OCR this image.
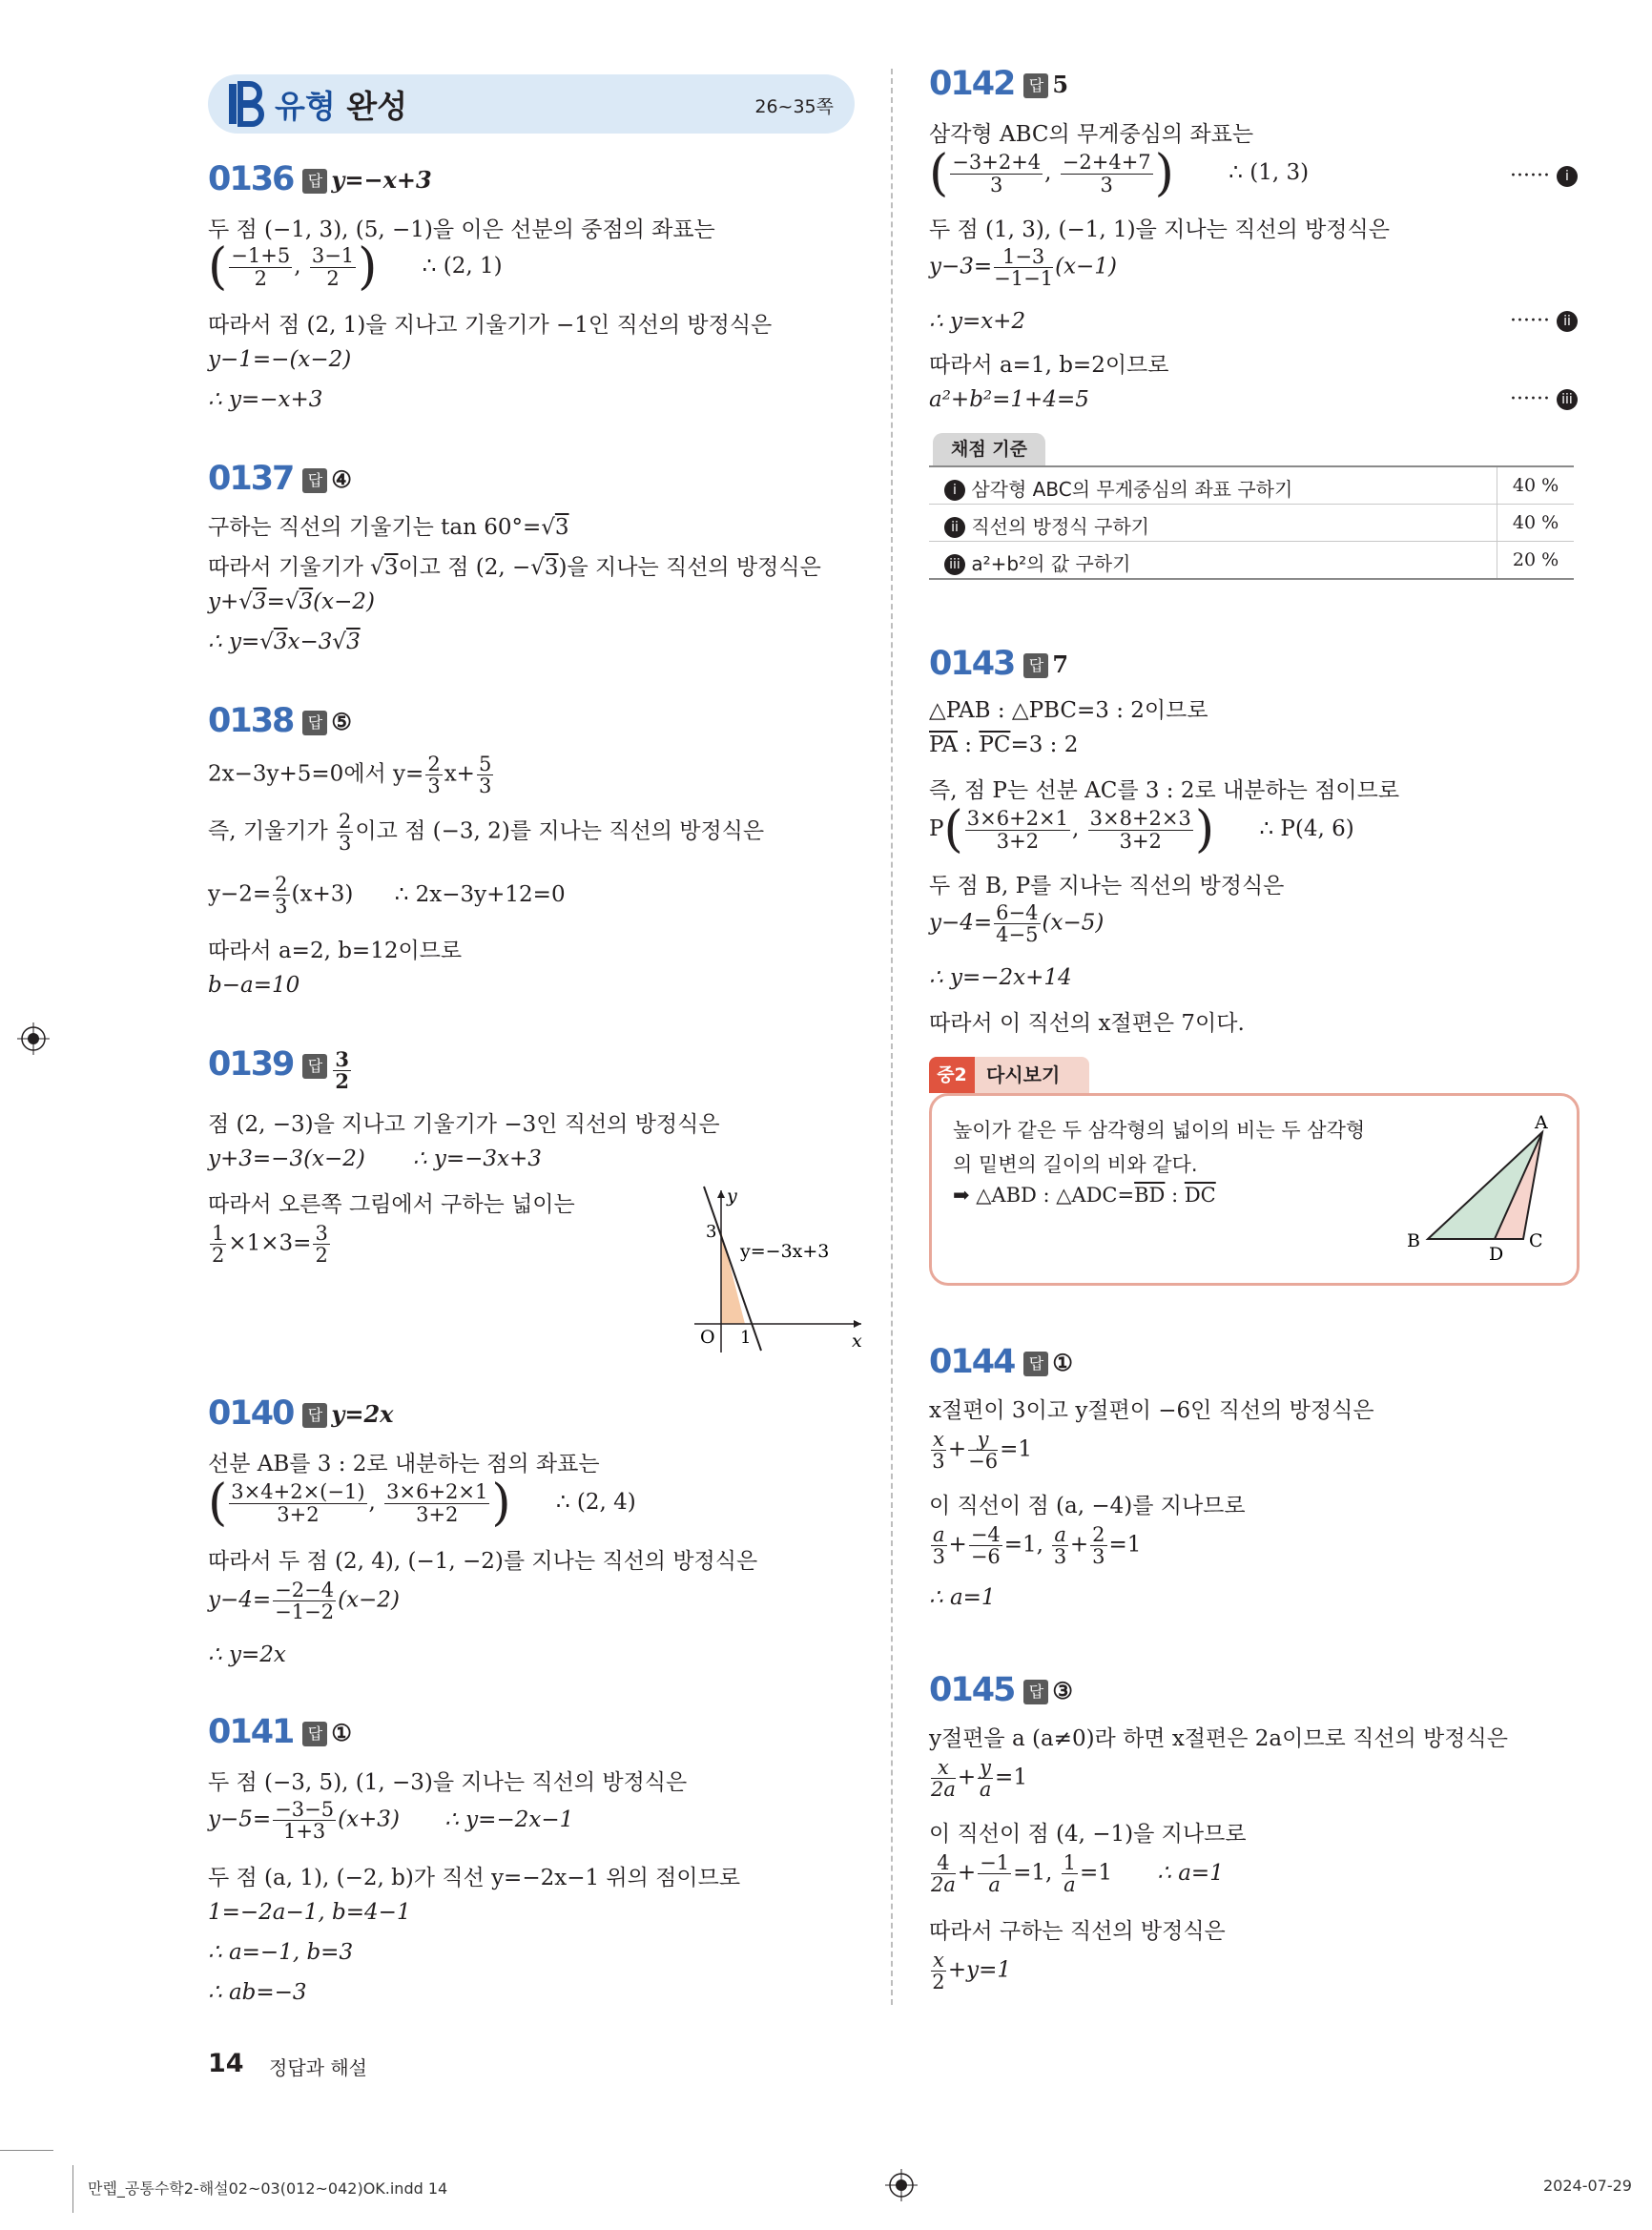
유형 완성	26~35쪽
0136 답 y=−x+3
두 점 (−1, 3), (5, −1)을 이은 선분의 중점의 좌표는
( $\frac{-1+5}{2}$ , $\frac{3-1}{2}$ ) ∴ (2, 1)
따라서 점 (2, 1)을 지나고 기울기가 −1인 직선의 방정식은
y−1=−(x−2)
∴ y=−x+3
0137 답 ④
구하는 직선의 기울기는 tan 60°=√3
따라서 기울기가 √3이고 점 (2, −√3)을 지나는 직선의 방정식은
y+√3=√3(x−2)
∴ y=√3x−3√3
0138 답 ⑤
2x−3y+5=0에서 $y= \frac{2}{3} x+ \frac{5}{3}$
즉, 기울기가 $\frac{2}{3}$ 이고 점 (−3, 2)를 지나는 직선의 방정식은
$y-2= \frac{2}{3} (x+3)$ ∴ 2x−3y+12=0
따라서 a=2, b=12이므로
b−a=10
0139 답 $\frac{3}{2}$
점 (2, −3)을 지나고 기울기가 −3인 직선의 방정식은
y+3=−3(x−2) ∴ y=−3x+3
따라서 오른쪽 그림에서 구하는 넓이는
$\frac{1}{2} \times 1\times 3= \frac{3}{2}$
y
x
O 1
3
y=−3x+3
0140 답 y=2x
선분 AB를 3 : 2로 내분하는 점의 좌표는
( $\frac{3\times 4+2\times(-1)}{3+2}$ , $\frac{3\times 6+2\times 1}{3+2}$ ) ∴ (2, 4)
따라서 두 점 (2, 4), (−1, −2)를 지나는 직선의 방정식은
$y-4= \frac{-2-4}{-1-2} (x-2)$
∴ y=2x
0141 답 ①
두 점 (−3, 5), (1, −3)을 지나는 직선의 방정식은
$y-5= \frac{-3-5}{1+3} (x+3)$ ∴ y=−2x−1
두 점 (a, 1), (−2, b)가 직선 y=−2x−1 위의 점이므로
1=−2a−1, b=4−1
∴ a=−1, b=3
∴ ab=−3
0142 답 5
삼각형 ABC의 무게중심의 좌표는
( $\frac{-3+2+4}{3}$ , $\frac{-2+4+7}{3}$ ) ∴ (1, 3)	······ i
두 점 (1, 3), (−1, 1)을 지나는 직선의 방정식은
$y-3= \frac{1-3}{-1-1} (x-1)$
∴ y=x+2	······ ii
따라서 a=1, b=2이므로
a²+b²=1+4=5	······ iii
채점 기준
i 삼각형 ABC의 무게중심의 좌표 구하기	40 %
ii 직선의 방정식 구하기	40 %
iii a²+b²의 값 구하기	20 %
0143 답 7
△PAB : △PBC=3 : 2이므로
$\overline{PA}$ : $\overline{PC}=3$ : 2
즉, 점 P는 선분 AC를 3 : 2로 내분하는 점이므로
$P( \frac{3\times 6+2\times 1}{3+2}$ , $\frac{3\times 8+2\times 3}{3+2}$ ) ∴ P(4, 6)
두 점 B, P를 지나는 직선의 방정식은
$y-4= \frac{6-4}{4-5} (x-5)$
∴ y=−2x+14
따라서 이 직선의 x절편은 7이다.
중2	다시보기
높이가 같은 두 삼각형의 넓이의 비는 두 삼각형
의 밑변의 길이의 비와 같다.
➡ △ABD : $\triangle ADC=\overline{BD}$ : $\overline{DC}$
A
B	C
D
0144 답 ①
x절편이 3이고 y절편이 −6인 직선의 방정식은
$\frac{x}{3} + \frac{y}{-6} =1$
이 직선이 점 (a, −4)를 지나므로
$\frac{a}{3} + \frac{-4}{-6} =1$, $\frac{a}{3} + \frac{2}{3} =1$
∴ a=1
0145 답 ③
y절편을 a (a≠0)라 하면 x절편은 2a이므로 직선의 방정식은
$\frac{x}{2a} + \frac{y}{a} =1$
이 직선이 점 (4, −1)을 지나므로
$\frac{4}{2a} + \frac{-1}{a} =1$, $\frac{1}{a} =1$ ∴ a=1
따라서 구하는 직선의 방정식은
$\frac{x}{2} +y=1$
14 정답과 해설
만렙_공통수학2-해설02~03(012~042)OK.indd 14	2024-07-29
